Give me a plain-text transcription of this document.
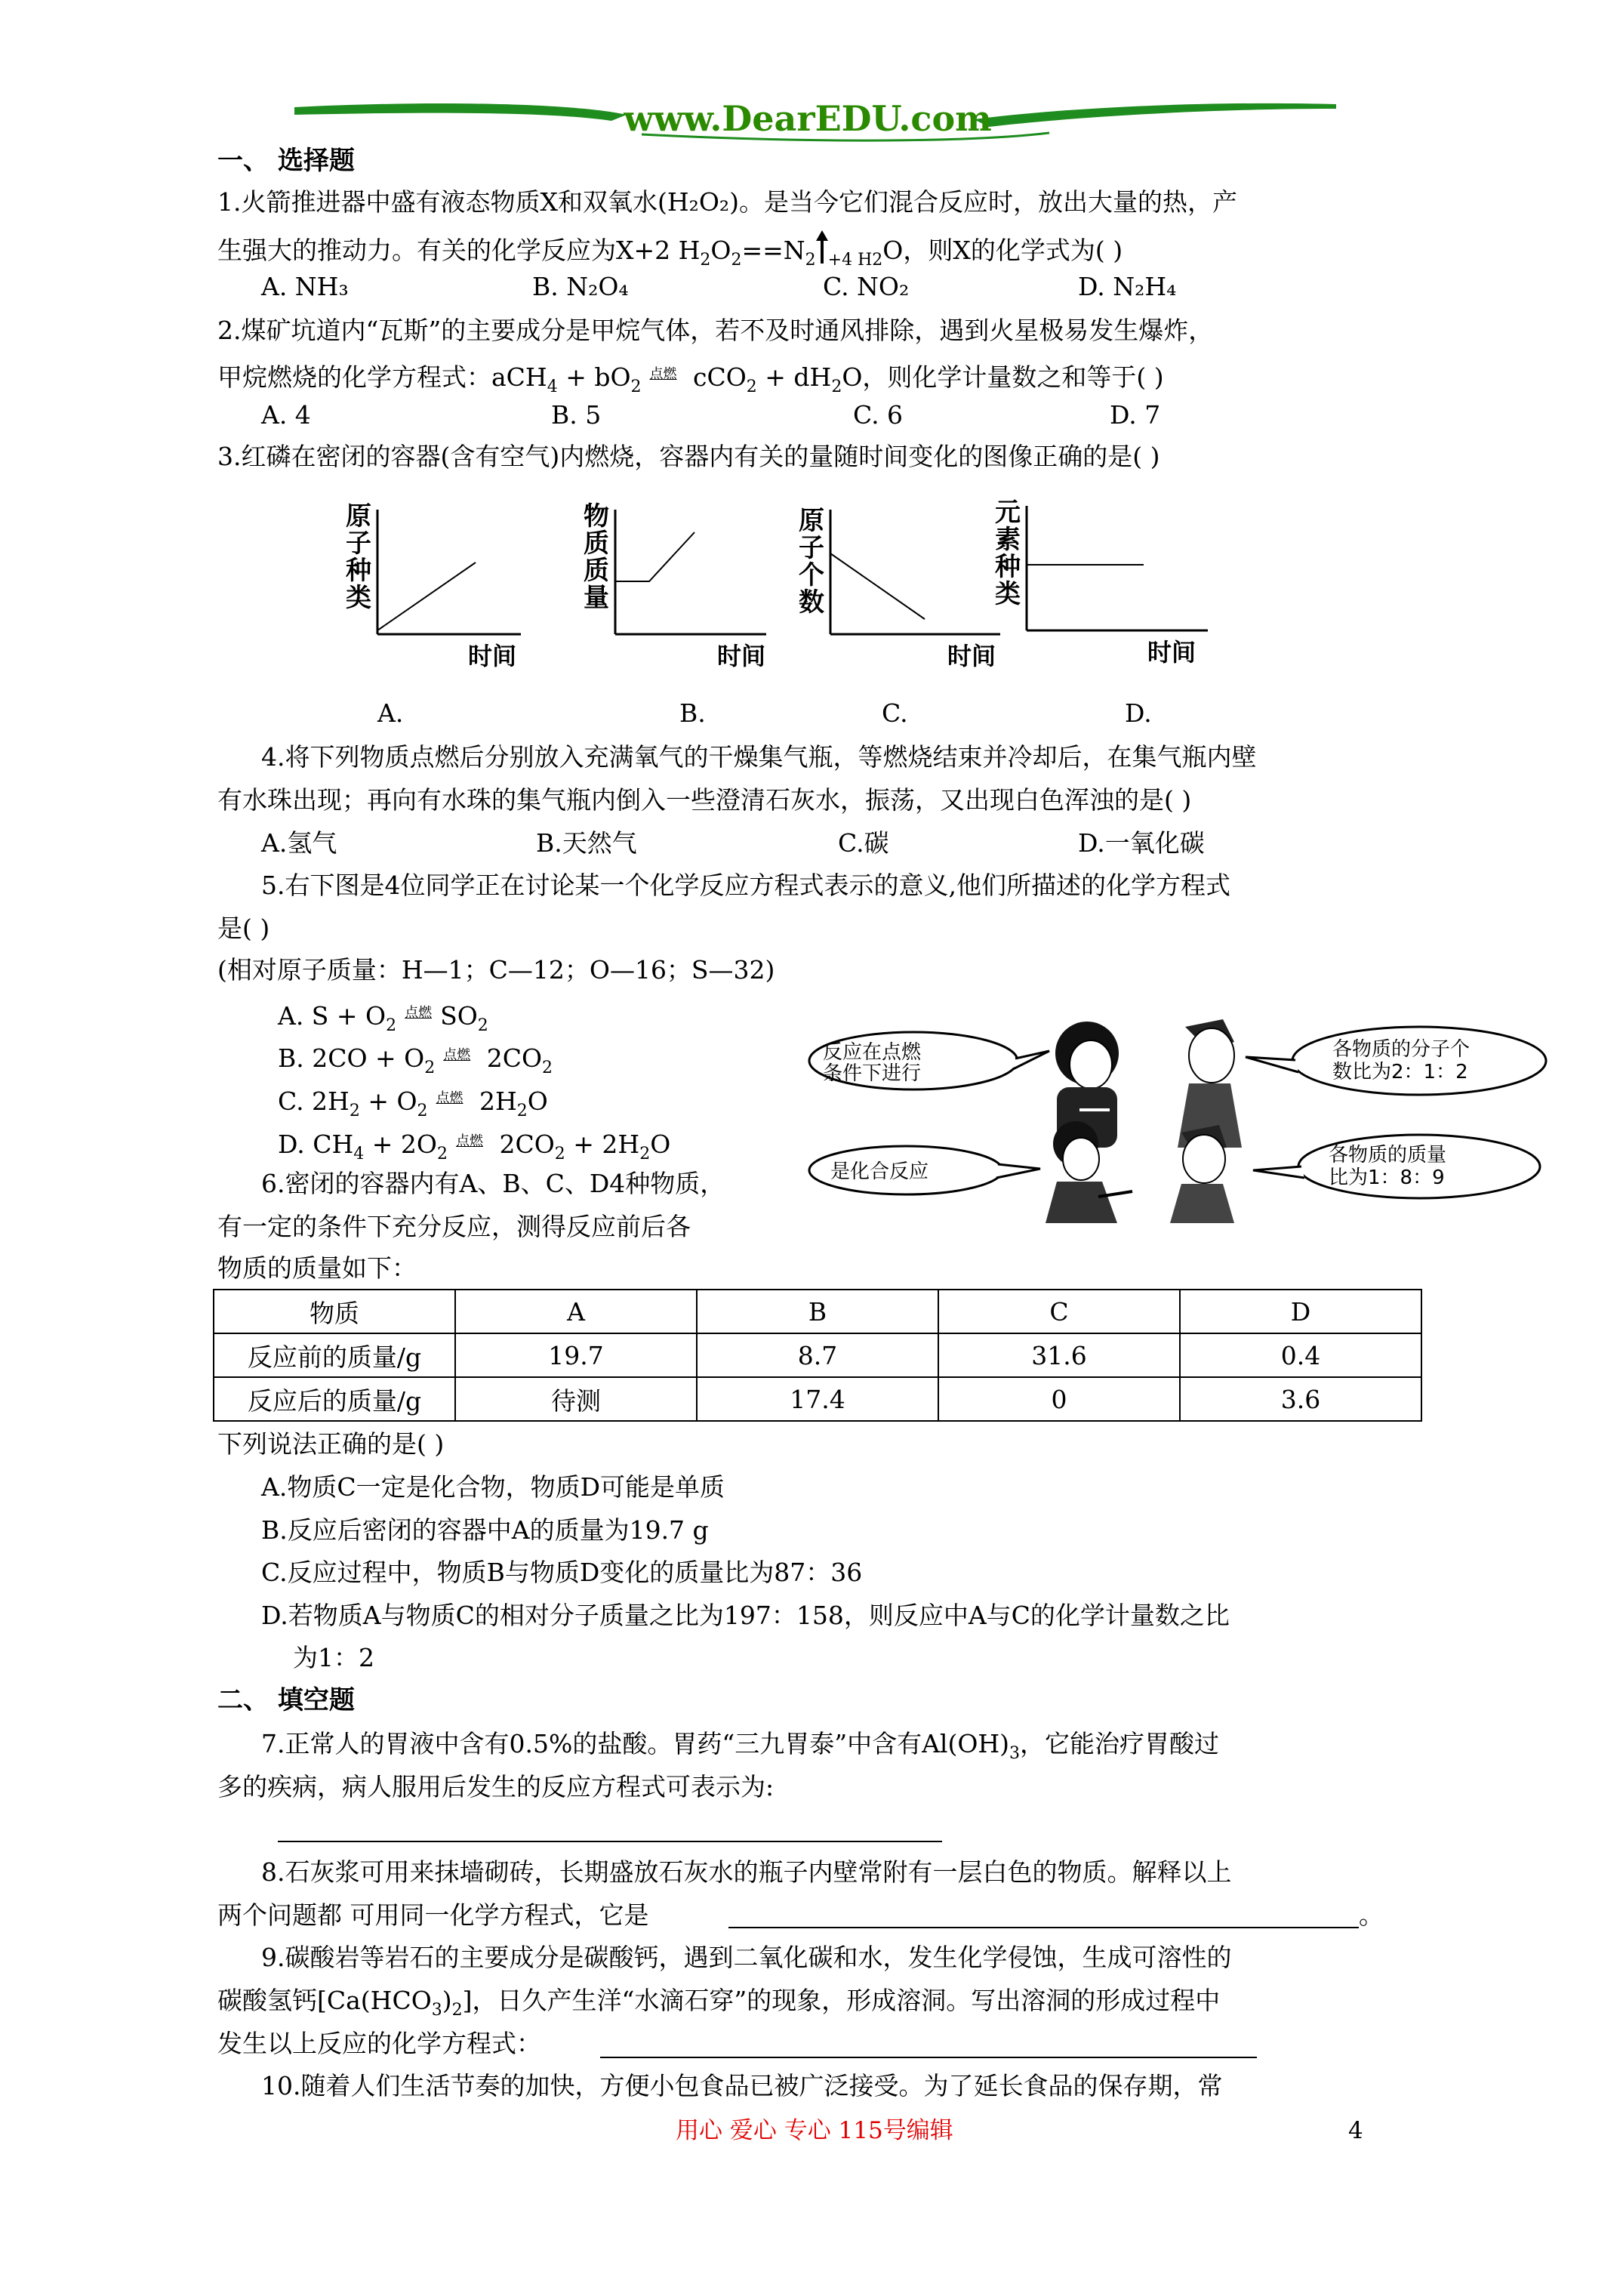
www.DearEDU.com
一、 选择题
1.火箭推进器中盛有液态物质X和双氧水(H₂O₂)。是当今它们混合反应时，放出大量的热，产
生强大的推动力。有关的化学反应为X+2 $H_2O_2==N_2$ $_{+4 H2}$O，则X的化学式为( )
A. NH₃	B. N₂O₄	C. NO₂	D. N₂H₄
2.煤矿坑道内“瓦斯”的主要成分是甲烷气体，若不及时通风排除，遇到火星极易发生爆炸，
甲烷燃烧的化学方程式：$aCH_4 + bO_2$点燃 $cCO_2 + dH_2O$，则化学计量数之和等于( )
A. 4	B. 5	C. 6	D. 7
3.红磷在密闭的容器(含有空气)内燃烧，容器内有关的量随时间变化的图像正确的是( )
原
子
种
类
时间
物
质
质
量
时间
原
子
个
数
时间
元
素
种
类
时间
A.	B.	C.	D.
4.将下列物质点燃后分别放入充满氧气的干燥集气瓶，等燃烧结束并冷却后，在集气瓶内壁
有水珠出现；再向有水珠的集气瓶内倒入一些澄清石灰水，振荡，又出现白色浑浊的是( )
A.氢气	B.天然气	C.碳	D.一氧化碳
5.右下图是4位同学正在讨论某一个化学反应方程式表示的意义,他们所描述的化学方程式
是( )
(相对原子质量：H—1；C—12；O—16；S—32)
A. $S + O_2$点燃 $SO_2$
B. $2CO + O_2$点燃 $2CO_2$
C. $2H_2 + O_2$点燃 $2H_2O$
D. $CH_4 + 2O_2$点燃 $2CO_2 + 2H_2O$
反应在点燃
条件下进行
各物质的分子个
数比为2：1：2
是化合反应
各物质的质量
比为1：8：9
6.密闭的容器内有A、B、C、D4种物质，
有一定的条件下充分反应，测得反应前后各
物质的质量如下：
物质	A	B	C	D
反应前的质量/g	19.7	8.7	31.6	0.4
反应后的质量/g	待测	17.4	0	3.6
下列说法正确的是( )
A.物质C一定是化合物，物质D可能是单质
B.反应后密闭的容器中A的质量为19.7 g
C.反应过程中，物质B与物质D变化的质量比为87：36
D.若物质A与物质C的相对分子质量之比为197：158，则反应中A与C的化学计量数之比
为1：2
二、 填空题
7.正常人的胃液中含有0.5%的盐酸。胃药“三九胃泰”中含有$Al(OH)_3$，它能治疗胃酸过
多的疾病，病人服用后发生的反应方程式可表示为:
8.石灰浆可用来抹墙砌砖，长期盛放石灰水的瓶子内壁常附有一层白色的物质。解释以上
两个问题都 可用同一化学方程式，它是	。
9.碳酸岩等岩石的主要成分是碳酸钙，遇到二氧化碳和水，发生化学侵蚀，生成可溶性的
碳酸氢钙$[Ca(HCO_3)_2]$，日久产生洋“水滴石穿”的现象，形成溶洞。写出溶洞的形成过程中
发生以上反应的化学方程式：
10.随着人们生活节奏的加快，方便小包食品已被广泛接受。为了延长食品的保存期，常
用心 爱心 专心 115号编辑	4
